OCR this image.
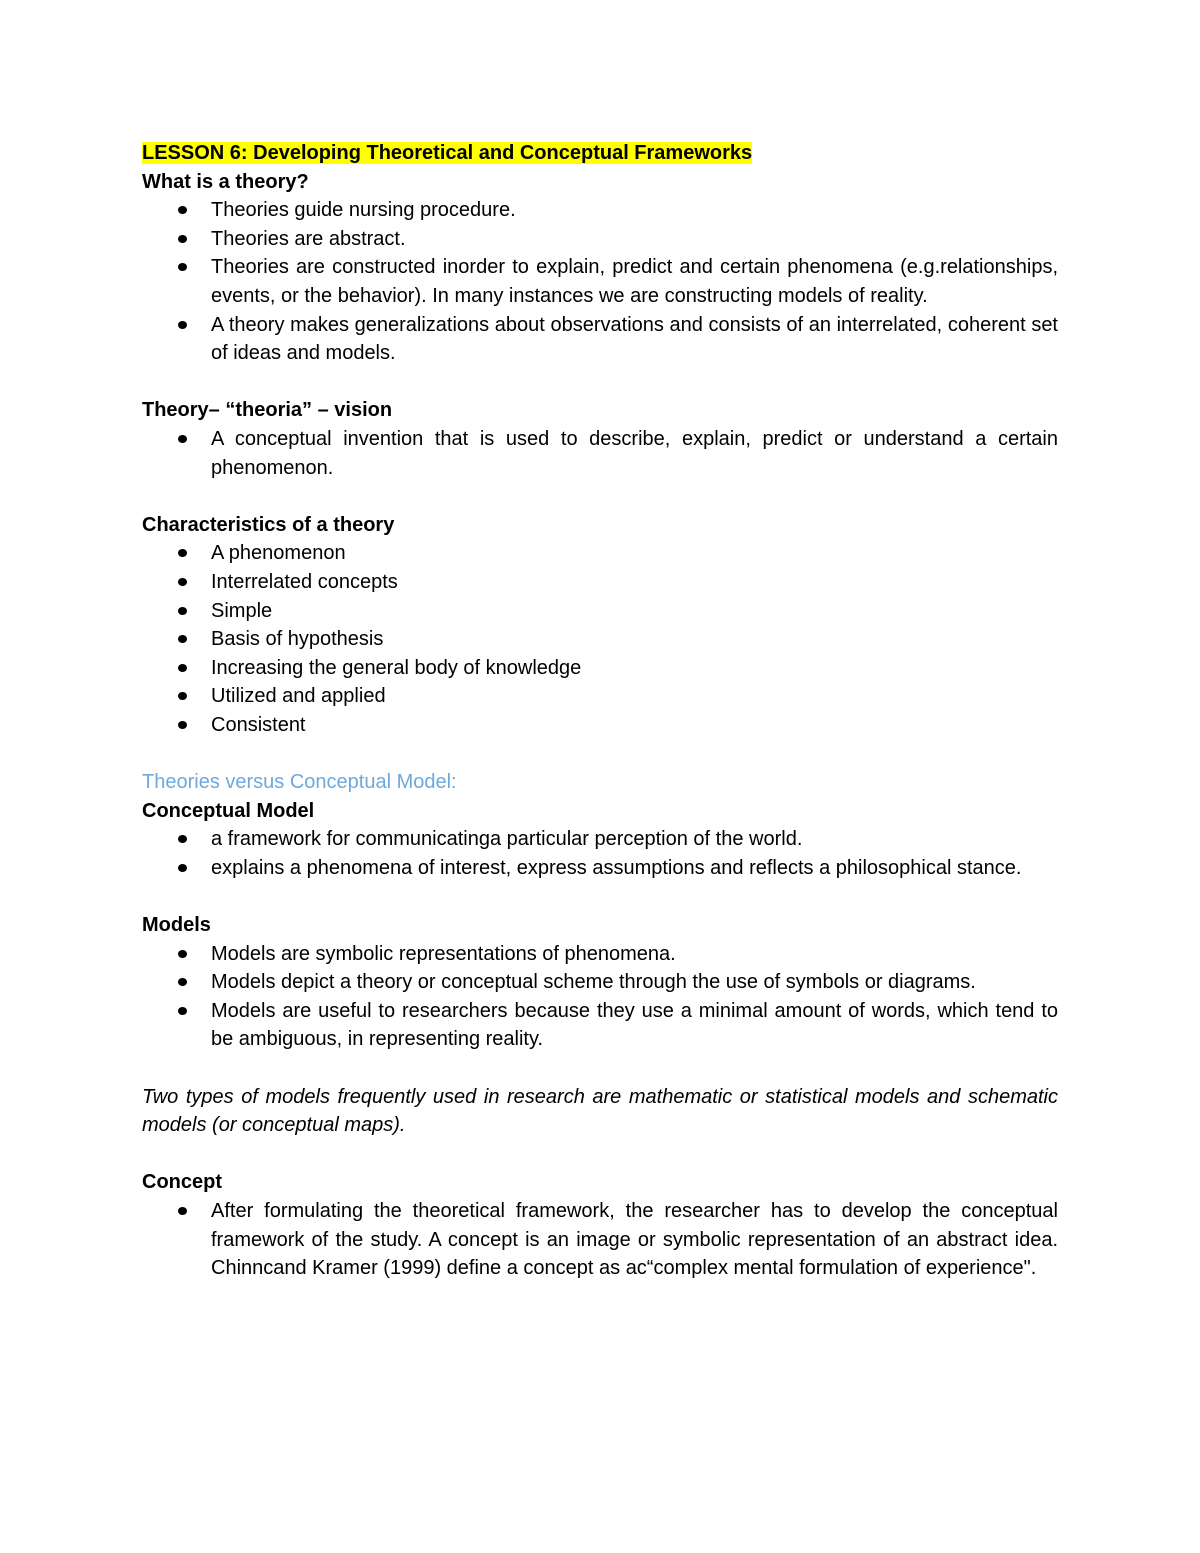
LESSON 6: Developing Theoretical and Conceptual Frameworks

What is a theory?

Theories guide nursing procedure.
Theories are abstract.
Theories are constructed inorder to explain, predict and certain phenomena (e.g.relationships, events, or the behavior). In many instances we are constructing models of reality.
A theory makes generalizations about observations and consists of an interrelated, coherent set of ideas and models.

Theory– “theoria” – vision

A conceptual invention that is used to describe, explain, predict or understand a certain phenomenon.

Characteristics of a theory

A phenomenon
Interrelated concepts
Simple
Basis of hypothesis
Increasing the general body of knowledge
Utilized and applied
Consistent

Theories versus Conceptual Model:

Conceptual Model

a framework for communicatinga particular perception of the world.
explains a phenomena of interest, express assumptions and reflects a philosophical stance.

Models

Models are symbolic representations of phenomena.
Models depict a theory or conceptual scheme through the use of symbols or diagrams.
Models are useful to researchers because they use a minimal amount of words, which tend to be ambiguous, in representing reality.

Two types of models frequently used in research are mathematic or statistical models and schematic models (or conceptual maps).

Concept

After formulating the theoretical framework, the researcher has to develop the conceptual framework of the study. A concept is an image or symbolic representation of an abstract idea. Chinncand Kramer (1999) define a concept as ac“complex mental formulation of experience".
